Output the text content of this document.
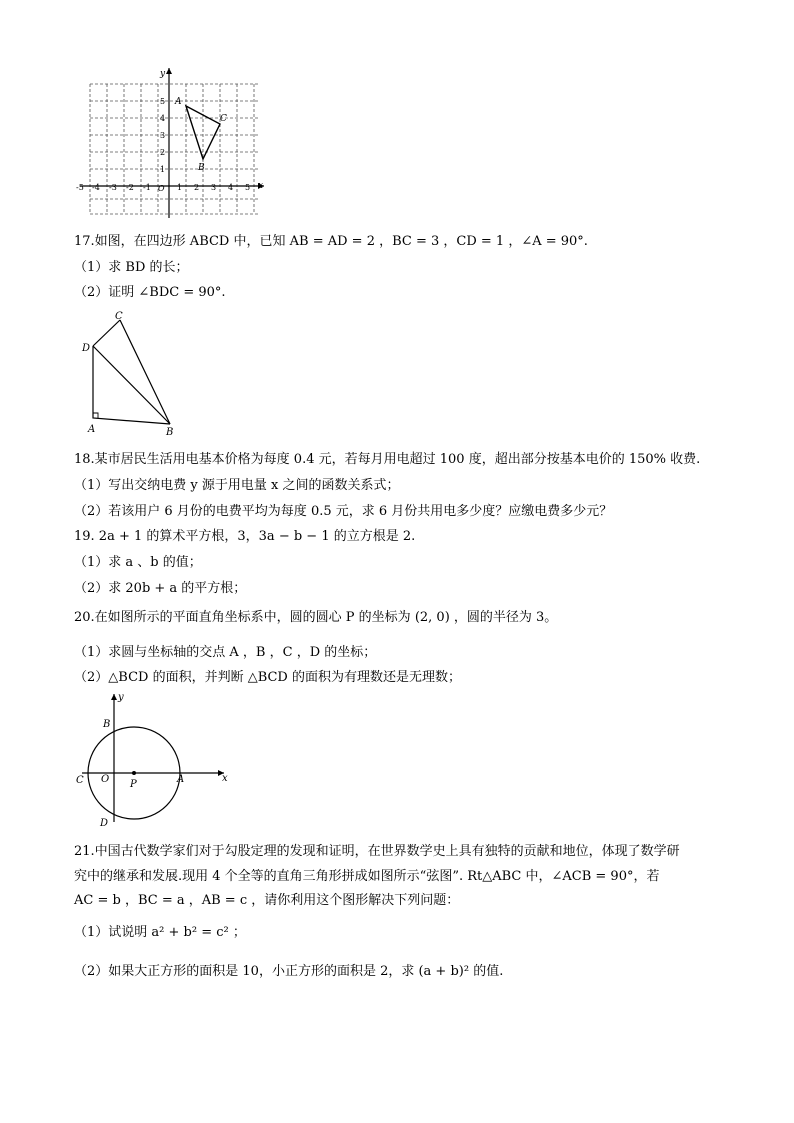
x
y
-5 -4 -3 -2 -1 O 1 2 3 4 5
1
2
3
4
5 A
B
C
17.如图，在四边形 ABCD 中，已知 AB = AD = 2 ，BC = 3 ，CD = 1 ，∠A = 90°.
（1）求 BD 的长；
（2）证明 ∠BDC = 90°.
C
D
A	B
18.某市居民生活用电基本价格为每度 0.4 元，若每月用电超过 100 度，超出部分按基本电价的 150% 收费.
（1）写出交纳电费 y 源于用电量 x 之间的函数关系式；
（2）若该用户 6 月份的电费平均为每度 0.5 元，求 6 月份共用电多少度？应缴电费多少元？
19. 2a + 1 的算术平方根，3，3a − b − 1 的立方根是 2.
（1）求 a 、b 的值；
（2）求 20b + a 的平方根；
20.在如图所示的平面直角坐标系中，圆的圆心 P 的坐标为 (2, 0) ，圆的半径为 3。
（1）求圆与坐标轴的交点 A ，B ，C ，D 的坐标；
（2）△BCD 的面积，并判断 △BCD 的面积为有理数还是无理数；
B
C O P	A
D
x
y
21.中国古代数学家们对于勾股定理的发现和证明，在世界数学史上具有独特的贡献和地位，体现了数学研
究中的继承和发展.现用 4 个全等的直角三角形拼成如图所示“弦图”. Rt△ABC 中，∠ACB = 90°，若
AC = b ，BC = a ，AB = c ，请你利用这个图形解决下列问题：
（1）试说明 a² + b² = c² ；
（2）如果大正方形的面积是 10，小正方形的面积是 2，求 (a + b)² 的值.
